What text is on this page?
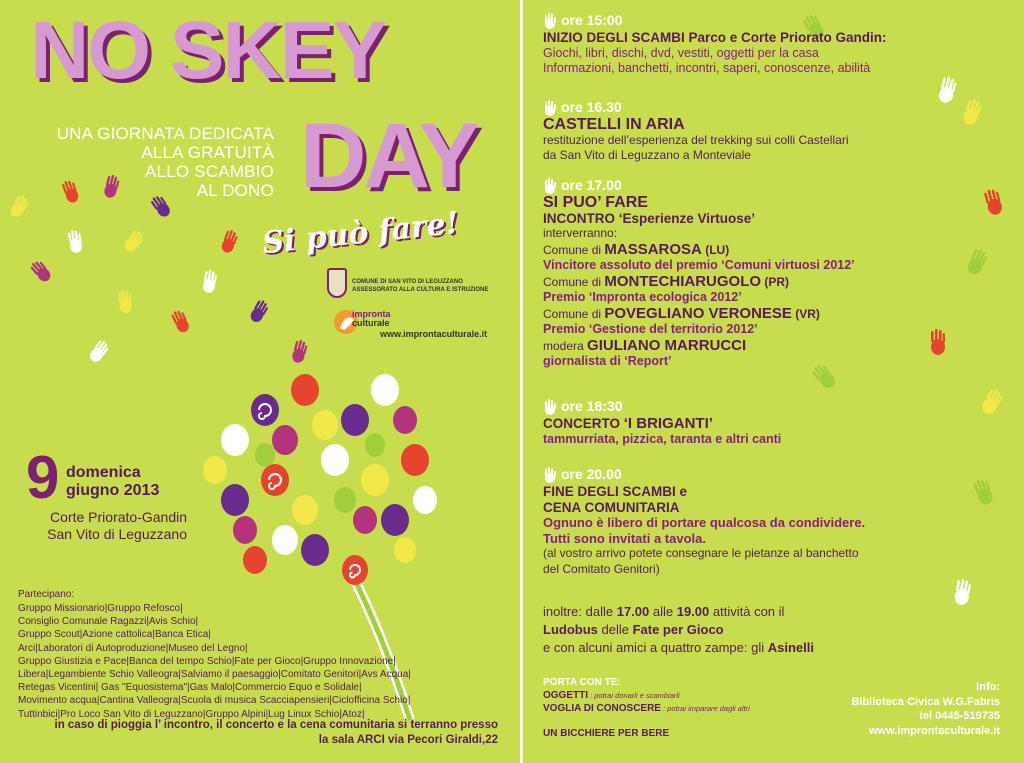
NO SKEY
DAY
UNA GIORNATA DEDICATA
ALLA GRATUITÀ
ALLO SCAMBIO
AL DONO
Si può fare!
COMUNE DI SAN VITO DI LEGUZZANO
ASSESSORATO ALLA CULTURA E ISTRUZIONE
impronta
culturale
www.improntaculturale.it
9 domenica
giugno 2013
Corte Priorato-Gandin
San Vito di Leguzzano
Partecipano:
Gruppo Missionario|Gruppo Refosco|
Consiglio Comunale Ragazzi|Avis Schio|
Gruppo Scout|Azione cattolica|Banca Etica|
Arci|Laboratori di Autoproduzione|Museo del Legno|
Gruppo Giustizia e Pace|Banca del tempo Schio|Fate per Gioco|Gruppo Innovazione|
Libera|Legambiente Schio Valleogra|Salviamo il paesaggio|Comitato Genitori|Avs Acqua|
Retegas Vicentini| Gas "Equosistema"|Gas Malo|Commercio Equo e Solidale|
Movimento acqua|Cantina Valleogra|Scuola di musica Scacciapensieri|Ciclofficina Schio|
Tuttinbici|Pro Loco San Vito di Leguzzano|Gruppo Alpini|Lug Linux Schio|Atoz|
in caso di pioggia l’ incontro, il concerto e la cena comunitaria si terranno presso
la sala ARCI via Pecori Giraldi,22
ore 15:00
INIZIO DEGLI SCAMBI Parco e Corte Priorato Gandin:
Giochi, libri, dischi, dvd, vestiti, oggetti per la casa
Informazioni, banchetti, incontri, saperi, conoscenze, abilità
ore 16.30
CASTELLI IN ARIA
restituzione dell’esperienza del trekking sui colli Castellari
da San Vito di Leguzzano a Monteviale
ore 17.00
SI PUO’ FARE
INCONTRO ‘Esperienze Virtuose’
interverranno:
Comune di MASSAROSA (LU)
Vincitore assoluto del premio ‘Comuni virtuosi 2012’
Comune di MONTECHIARUGOLO (PR)
Premio ‘Impronta ecologica 2012’
Comune di POVEGLIANO VERONESE (VR)
Premio ‘Gestione del territorio 2012’
modera GIULIANO MARRUCCI
giornalista di ‘Report’
ore 18:30
CONCERTO ‘I BRIGANTI’
tammurriata, pizzica, taranta e altri canti
ore 20.00
FINE DEGLI SCAMBI e
CENA COMUNITARIA
Ognuno è libero di portare qualcosa da condividere.
Tutti sono invitati a tavola.
(al vostro arrivo potete consegnare le pietanze al banchetto
del Comitato Genitori)
inoltre: dalle 17.00 alle 19.00 attività con il
Ludobus delle Fate per Gioco
e con alcuni amici a quattro zampe: gli Asinelli
PORTA CON TE:
OGGETTI : potrai donarli e scambiarli
VOGLIA DI CONOSCERE : potrai imparare dagli altri
UN BICCHIERE PER BERE
Info:
Biblioteca Civica W.G.Fabris
tel 0445-519735
www.improntaculturale.it
